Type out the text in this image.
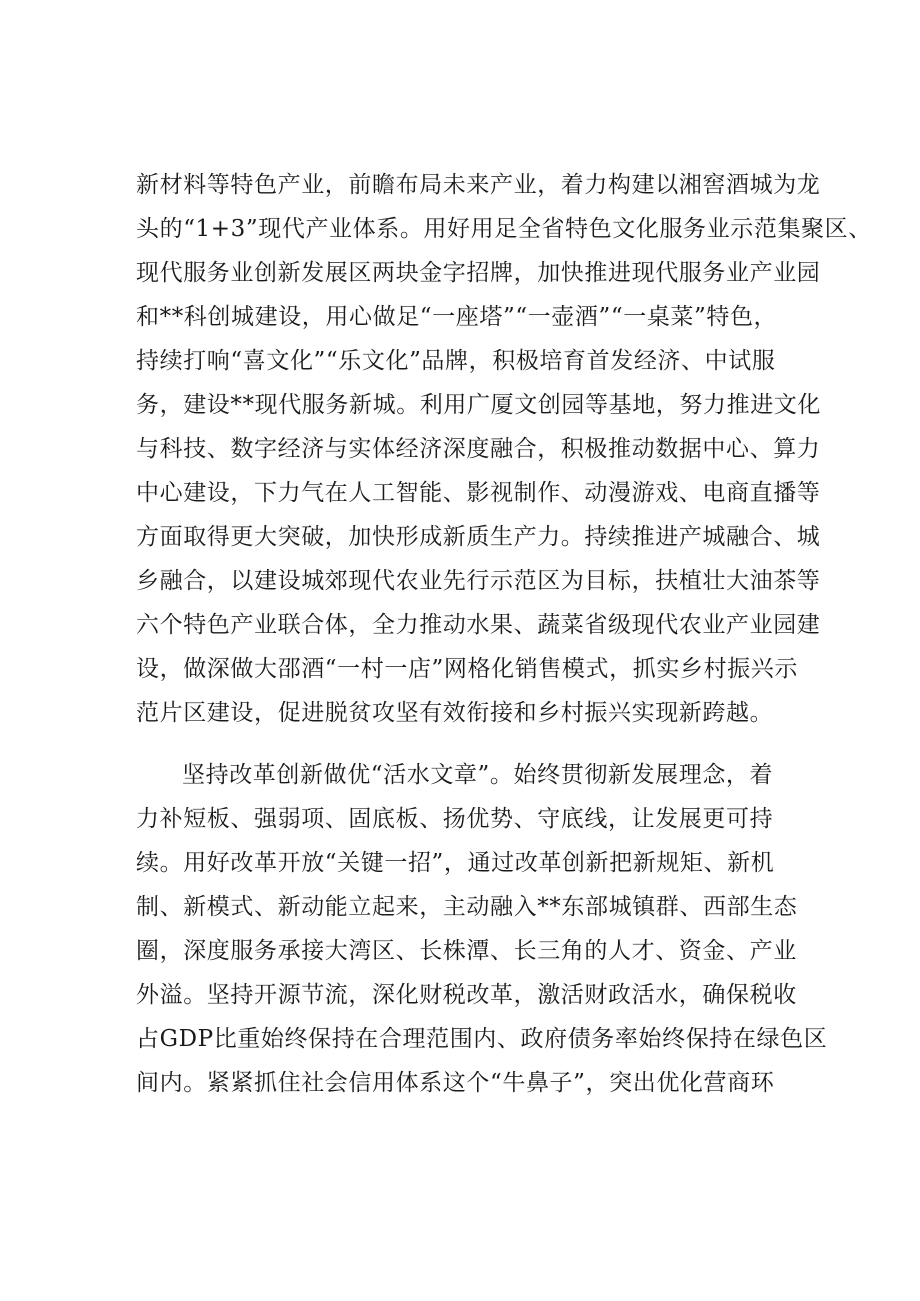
新材料等特色产业，前瞻布局未来产业，着力构建以湘窖酒城为龙
头的“1+3”现代产业体系。用好用足全省特色文化服务业示范集聚区、
现代服务业创新发展区两块金字招牌，加快推进现代服务业产业园
和**科创城建设，用心做足“一座塔”“一壶酒”“一桌菜”特色，
持续打响“喜文化”“乐文化”品牌，积极培育首发经济、中试服
务，建设**现代服务新城。利用广厦文创园等基地，努力推进文化
与科技、数字经济与实体经济深度融合，积极推动数据中心、算力
中心建设，下力气在人工智能、影视制作、动漫游戏、电商直播等
方面取得更大突破，加快形成新质生产力。持续推进产城融合、城
乡融合，以建设城郊现代农业先行示范区为目标，扶植壮大油茶等
六个特色产业联合体，全力推动水果、蔬菜省级现代农业产业园建
设，做深做大邵酒“一村一店”网格化销售模式，抓实乡村振兴示
范片区建设，促进脱贫攻坚有效衔接和乡村振兴实现新跨越。
坚持改革创新做优“活水文章”。始终贯彻新发展理念，着
力补短板、强弱项、固底板、扬优势、守底线，让发展更可持
续。用好改革开放“关键一招”，通过改革创新把新规矩、新机
制、新模式、新动能立起来，主动融入**东部城镇群、西部生态
圈，深度服务承接大湾区、长株潭、长三角的人才、资金、产业
外溢。坚持开源节流，深化财税改革，激活财政活水，确保税收
占GDP比重始终保持在合理范围内、政府债务率始终保持在绿色区
间内。紧紧抓住社会信用体系这个“牛鼻子”，突出优化营商环
